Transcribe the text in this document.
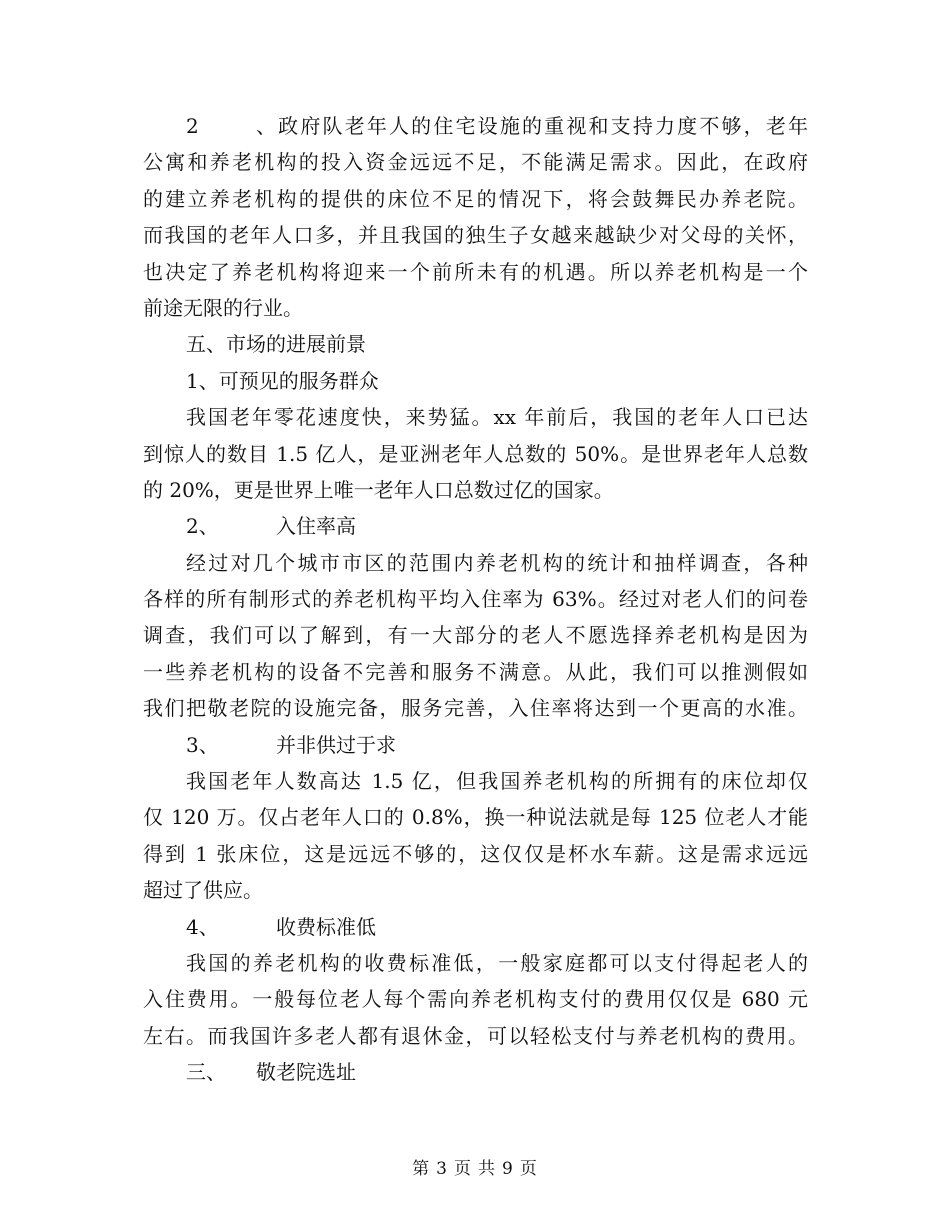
2、政府队老年人的住宅设施的重视和支持力度不够，老年
公寓和养老机构的投入资金远远不足，不能满足需求。因此，在政府
的建立养老机构的提供的床位不足的情况下，将会鼓舞民办养老院。
而我国的老年人口多，并且我国的独生子女越来越缺少对父母的关怀，
也决定了养老机构将迎来一个前所未有的机遇。所以养老机构是一个
前途无限的行业。
五、市场的进展前景
1、可预见的服务群众
我国老年零花速度快，来势猛。xx 年前后，我国的老年人口已达
到惊人的数目 1.5 亿人，是亚洲老年人总数的 50%。是世界老年人总数
的 20%，更是世界上唯一老年人口总数过亿的国家。
2、	入住率高
经过对几个城市市区的范围内养老机构的统计和抽样调查，各种
各样的所有制形式的养老机构平均入住率为 63%。经过对老人们的问卷
调查，我们可以了解到，有一大部分的老人不愿选择养老机构是因为
一些养老机构的设备不完善和服务不满意。从此，我们可以推测假如
我们把敬老院的设施完备，服务完善，入住率将达到一个更高的水准。
3、	并非供过于求
我国老年人数高达 1.5 亿，但我国养老机构的所拥有的床位却仅
仅 120 万。仅占老年人口的 0.8%，换一种说法就是每 125 位老人才能
得到 1 张床位，这是远远不够的，这仅仅是杯水车薪。这是需求远远
超过了供应。
4、	收费标准低
我国的养老机构的收费标准低，一般家庭都可以支付得起老人的
入住费用。一般每位老人每个需向养老机构支付的费用仅仅是 680 元
左右。而我国许多老人都有退休金，可以轻松支付与养老机构的费用。
三、 敬老院选址
第 3 页 共 9 页
